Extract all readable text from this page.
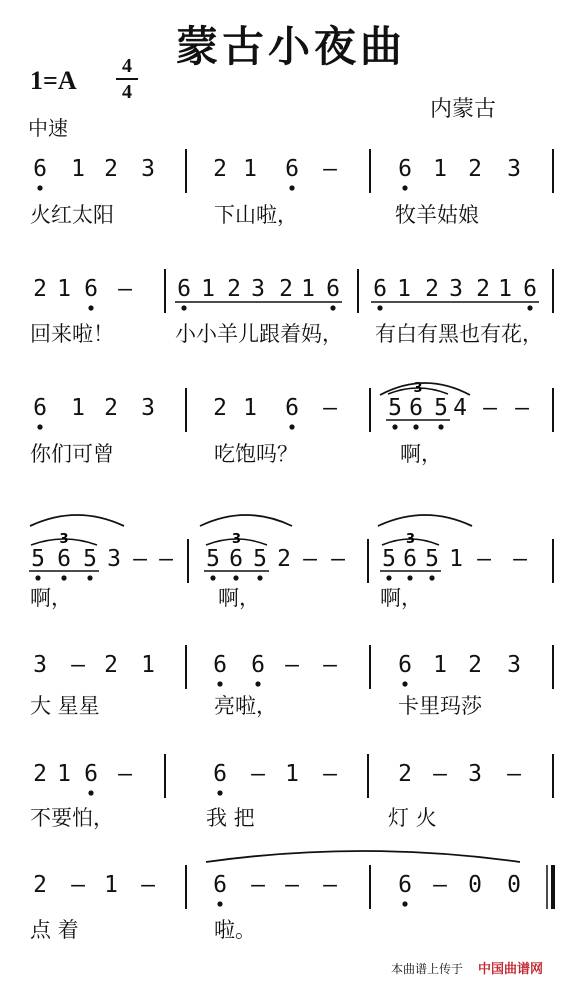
3
3	3	3
蒙古小夜曲
1=A	4
4
中速
内蒙古
6 1 2 3	2 1 6 —	6 1 2 3
火红太阳	下山啦，	牧羊姑娘
2 1 6 — 6 1 2 3 2 1 6 6 1 2 3 2 1 6
回来啦！	小小羊儿跟着妈， 有白有黑也有花，
6 1 2 3	2 1 6 — 5 6 5 4 — —
你们可曾	吃饱吗？	啊，
5 6 5 3 — — 5 6 5 2 — — 5 6 5 1 — —
啊，	啊，	啊，
3 — 2 1	6 6 — —	6 1 2 3
大 星星	亮啦，	卡里玛莎
2 1 6 —	6 — 1 —	2 — 3 —
不要怕，	我 把	灯 火
2 — 1 —	6 — — —	6 — 0 0
点 着	啦。
本曲谱上传于 中国曲谱网
